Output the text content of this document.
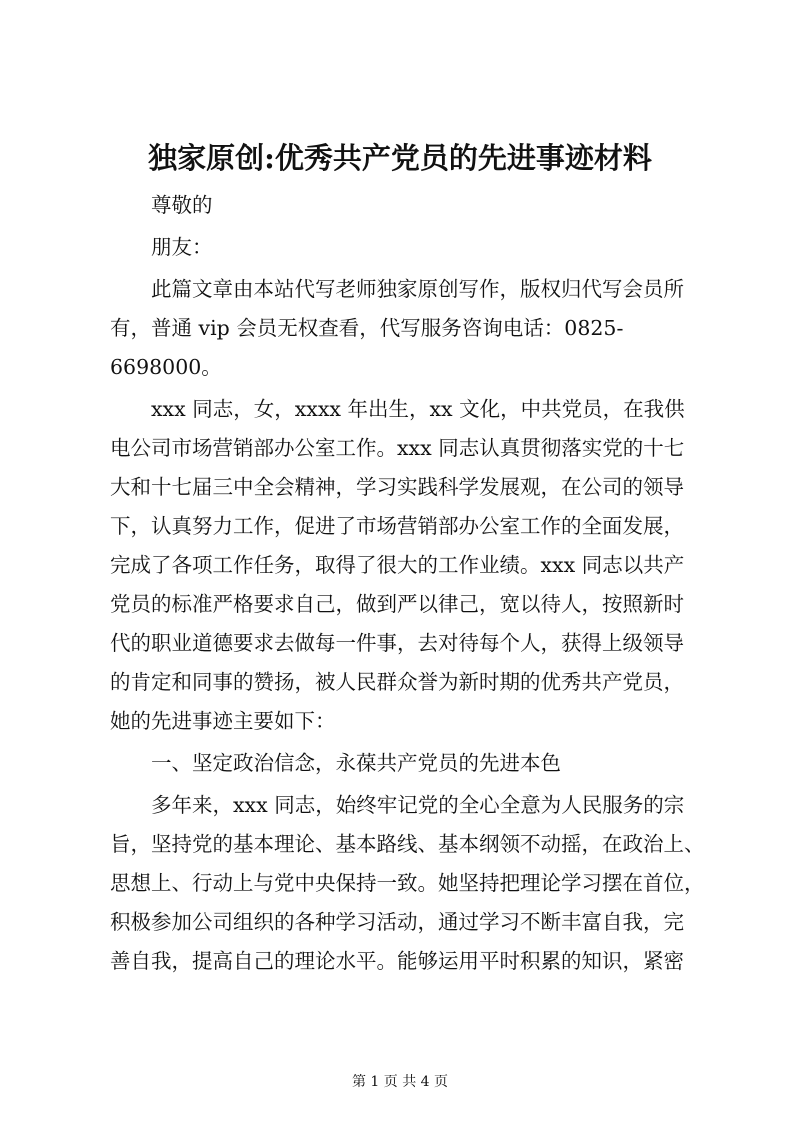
独家原创:优秀共产党员的先进事迹材料
尊敬的
朋友：
此篇文章由本站代写老师独家原创写作，版权归代写会员所
有，普通 vip 会员无权查看，代写服务咨询电话：0825-
6698000。
xxx 同志，女，xxxx 年出生，xx 文化，中共党员，在我供
电公司市场营销部办公室工作。xxx 同志认真贯彻落实党的十七
大和十七届三中全会精神，学习实践科学发展观，在公司的领导
下，认真努力工作，促进了市场营销部办公室工作的全面发展，
完成了各项工作任务，取得了很大的工作业绩。xxx 同志以共产
党员的标准严格要求自己，做到严以律己，宽以待人，按照新时
代的职业道德要求去做每一件事，去对待每个人，获得上级领导
的肯定和同事的赞扬，被人民群众誉为新时期的优秀共产党员，
她的先进事迹主要如下：
一、坚定政治信念，永葆共产党员的先进本色
多年来，xxx 同志，始终牢记党的全心全意为人民服务的宗
旨，坚持党的基本理论、基本路线、基本纲领不动摇，在政治上、
思想上、行动上与党中央保持一致。她坚持把理论学习摆在首位，
积极参加公司组织的各种学习活动，通过学习不断丰富自我，完
善自我，提高自己的理论水平。能够运用平时积累的知识，紧密
第 1 页 共 4 页
